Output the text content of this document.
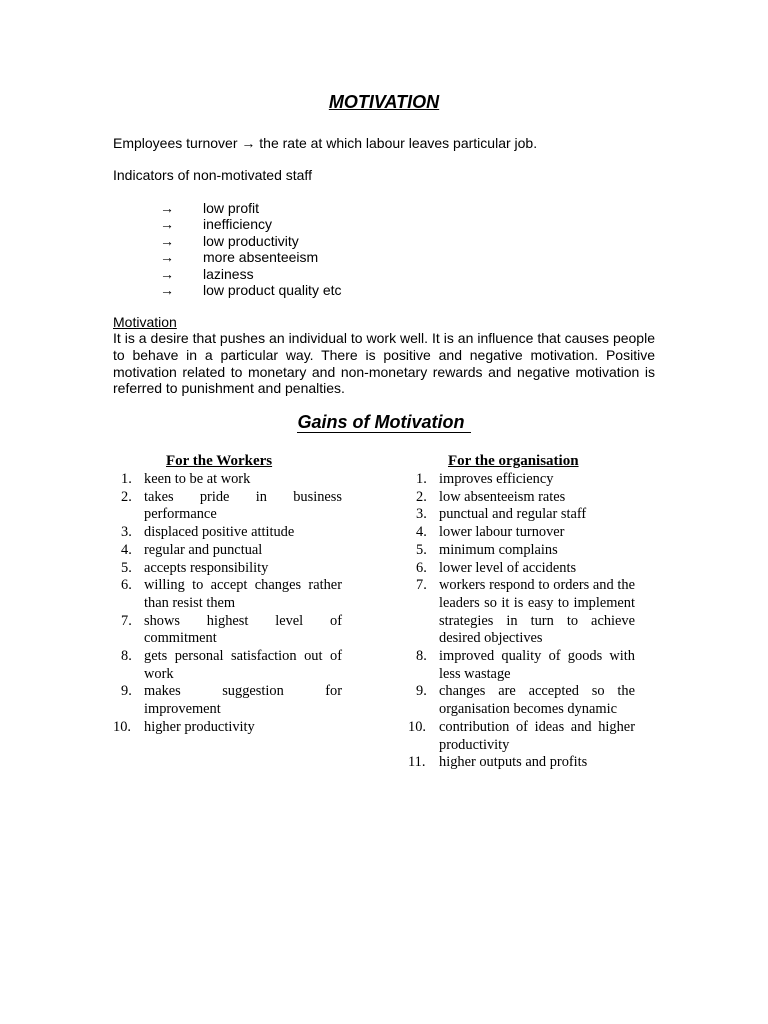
MOTIVATION
Employees turnover → the rate at which labour leaves particular job.
Indicators of non-motivated staff
→	low profit
→	inefficiency
→	low productivity
→	more absenteeism
→	laziness
→	low product quality etc
Motivation

It is a desire that pushes an individual to work well. It is an influence that causes people to behave in a particular way. There is positive and negative motivation. Positive motivation related to monetary and non-monetary rewards and negative motivation is referred to punishment and penalties.

Gains of Motivation
For the Workers	For the organisation
1. keen to be at work
2. takes pride in business performance
3. displaced positive attitude
4. regular and punctual
5. accepts responsibility
6. willing to accept changes rather than resist them
7. shows highest level of commitment
8. gets personal satisfaction out of work
9. makes suggestion for improvement
10. higher productivity
1. improves efficiency
2. low absenteeism rates
3. punctual and regular staff
4. lower labour turnover
5. minimum complains
6. lower level of accidents
7. workers respond to orders and the leaders so it is easy to implement strategies in turn to achieve desired objectives
8. improved quality of goods with less wastage
9. changes are accepted so the organisation becomes dynamic
10. contribution of ideas and higher productivity
11. higher outputs and profits
